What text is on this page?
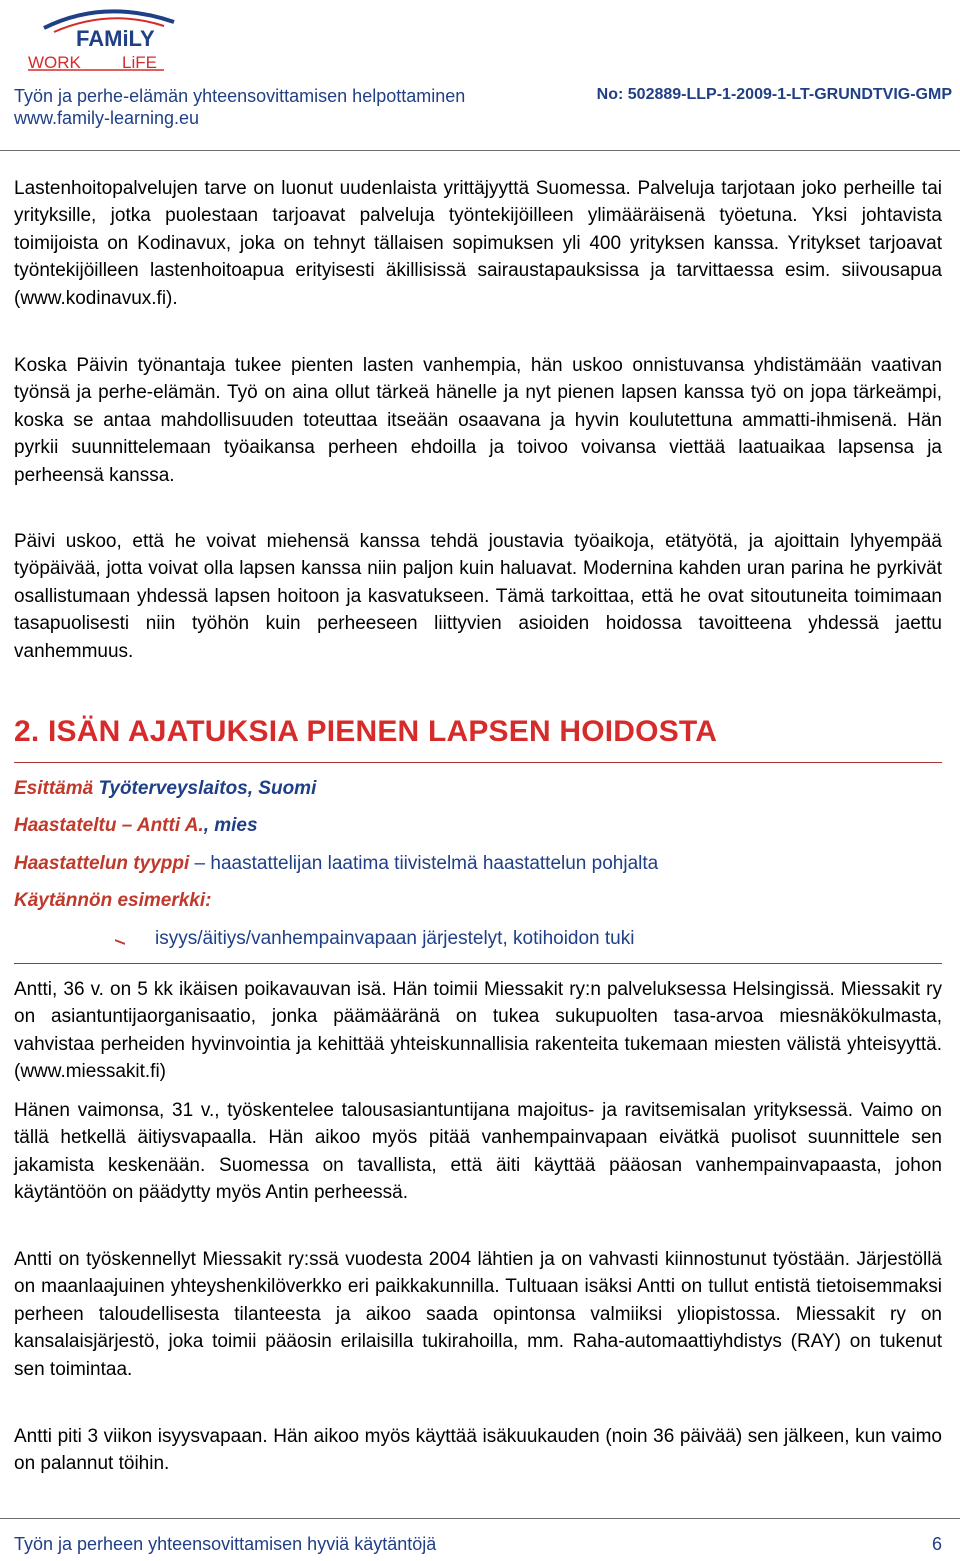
FAMiLY
WORK LiFE
Työn ja perhe-elämän yhteensovittamisen helpottaminen
www.family-learning.eu
No: 502889-LLP-1-2009-1-LT-GRUNDTVIG-GMP

Lastenhoitopalvelujen tarve on luonut uudenlaista yrittäjyyttä Suomessa. Palveluja tarjotaan joko perheille tai yrityksille, jotka puolestaan tarjoavat palveluja työntekijöilleen ylimääräisenä työetuna. Yksi johtavista toimijoista on Kodinavux, joka on tehnyt tällaisen sopimuksen yli 400 yrityksen kanssa. Yritykset tarjoavat työntekijöilleen lastenhoitoapua erityisesti äkillisissä sairaustapauksissa ja tarvittaessa esim. siivousapua (www.kodinavux.fi).

Koska Päivin työnantaja tukee pienten lasten vanhempia, hän uskoo onnistuvansa yhdistämään vaativan työnsä ja perhe-elämän. Työ on aina ollut tärkeä hänelle ja nyt pienen lapsen kanssa työ on jopa tärkeämpi, koska se antaa mahdollisuuden toteuttaa itseään osaavana ja hyvin koulutettuna ammatti-ihmisenä. Hän pyrkii suunnittelemaan työaikansa perheen ehdoilla ja toivoo voivansa viettää laatuaikaa lapsensa ja perheensä kanssa.

Päivi uskoo, että he voivat miehensä kanssa tehdä joustavia työaikoja, etätyötä, ja ajoittain lyhyempää työpäivää, jotta voivat olla lapsen kanssa niin paljon kuin haluavat. Modernina kahden uran parina he pyrkivät osallistumaan yhdessä lapsen hoitoon ja kasvatukseen. Tämä tarkoittaa, että he ovat sitoutuneita toimimaan tasapuolisesti niin työhön kuin perheeseen liittyvien asioiden hoidossa tavoitteena yhdessä jaettu vanhemmuus.

2. ISÄN AJATUKSIA PIENEN LAPSEN HOIDOSTA
Esittämä Työterveyslaitos, Suomi
Haastateltu – Antti A., mies
Haastattelun tyyppi – haastattelijan laatima tiivistelmä haastattelun pohjalta
Käytännön esimerkki:
isyys/äitiys/vanhempainvapaan järjestelyt, kotihoidon tuki

Antti, 36 v. on 5 kk ikäisen poikavauvan isä. Hän toimii Miessakit ry:n palveluksessa Helsingissä. Miessakit ry on asiantuntijaorganisaatio, jonka päämääränä on tukea sukupuolten tasa-arvoa miesnäkökulmasta, vahvistaa perheiden hyvinvointia ja kehittää yhteiskunnallisia rakenteita tukemaan miesten välistä yhteisyyttä. (www.miessakit.fi)

Hänen vaimonsa, 31 v., työskentelee talousasiantuntijana majoitus- ja ravitsemisalan yrityksessä. Vaimo on tällä hetkellä äitiysvapaalla. Hän aikoo myös pitää vanhempainvapaan eivätkä puolisot suunnittele sen jakamista keskenään. Suomessa on tavallista, että äiti käyttää pääosan vanhempainvapaasta, johon käytäntöön on päädytty myös Antin perheessä.

Antti on työskennellyt Miessakit ry:ssä vuodesta 2004 lähtien ja on vahvasti kiinnostunut työstään. Järjestöllä on maanlaajuinen yhteyshenkilöverkko eri paikkakunnilla. Tultuaan isäksi Antti on tullut entistä tietoisemmaksi perheen taloudellisesta tilanteesta ja aikoo saada opintonsa valmiiksi yliopistossa. Miessakit ry on kansalaisjärjestö, joka toimii pääosin erilaisilla tukirahoilla, mm. Raha-automaattiyhdistys (RAY) on tukenut sen toimintaa.

Antti piti 3 viikon isyysvapaan. Hän aikoo myös käyttää isäkuukauden (noin 36 päivää) sen jälkeen, kun vaimo on palannut töihin.

Työn ja perheen yhteensovittamisen hyviä käytäntöjä	6
